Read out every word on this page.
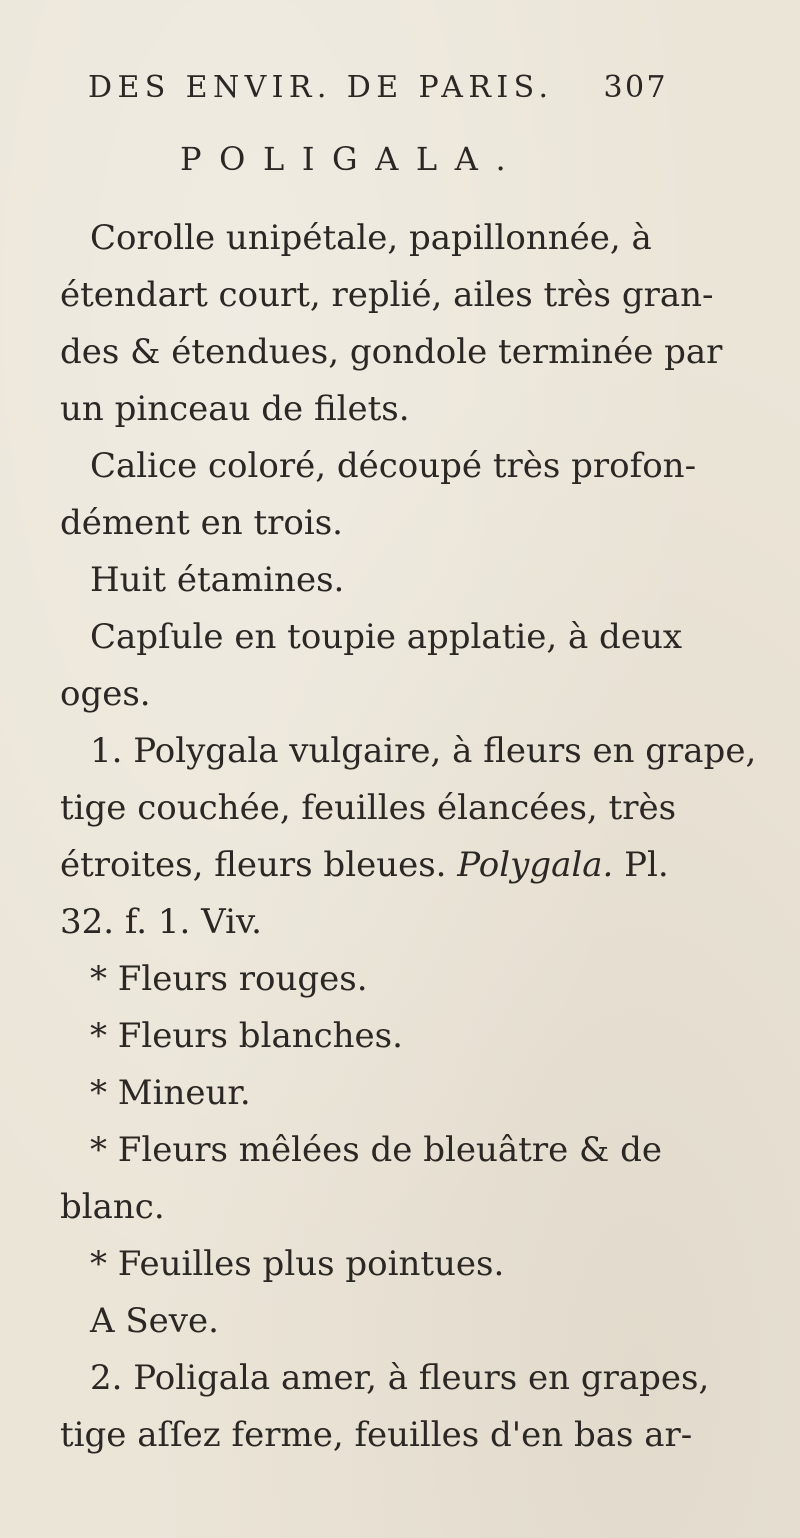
DES ENVIR. DE PARIS. 307
POLIGALA.
Corolle unipétale, papillonnée, à
étendart court, replié, ailes très gran-
des & étendues, gondole terminée par
un pinceau de filets.
Calice coloré, découpé très profon-
dément en trois.
Huit étamines.
Capſule en toupie applatie, à deux
oges.
1. Polygala vulgaire, à fleurs en grape,
tige couchée, feuilles élancées, très
étroites, fleurs bleues. Polygala. Pl.
32. f. 1. Viv.
* Fleurs rouges.
* Fleurs blanches.
* Mineur.
* Fleurs mêlées de bleuâtre & de
blanc.
* Feuilles plus pointues.
A Seve.
2. Poligala amer, à fleurs en grapes,
tige aſſez ferme, feuilles d'en bas ar-
